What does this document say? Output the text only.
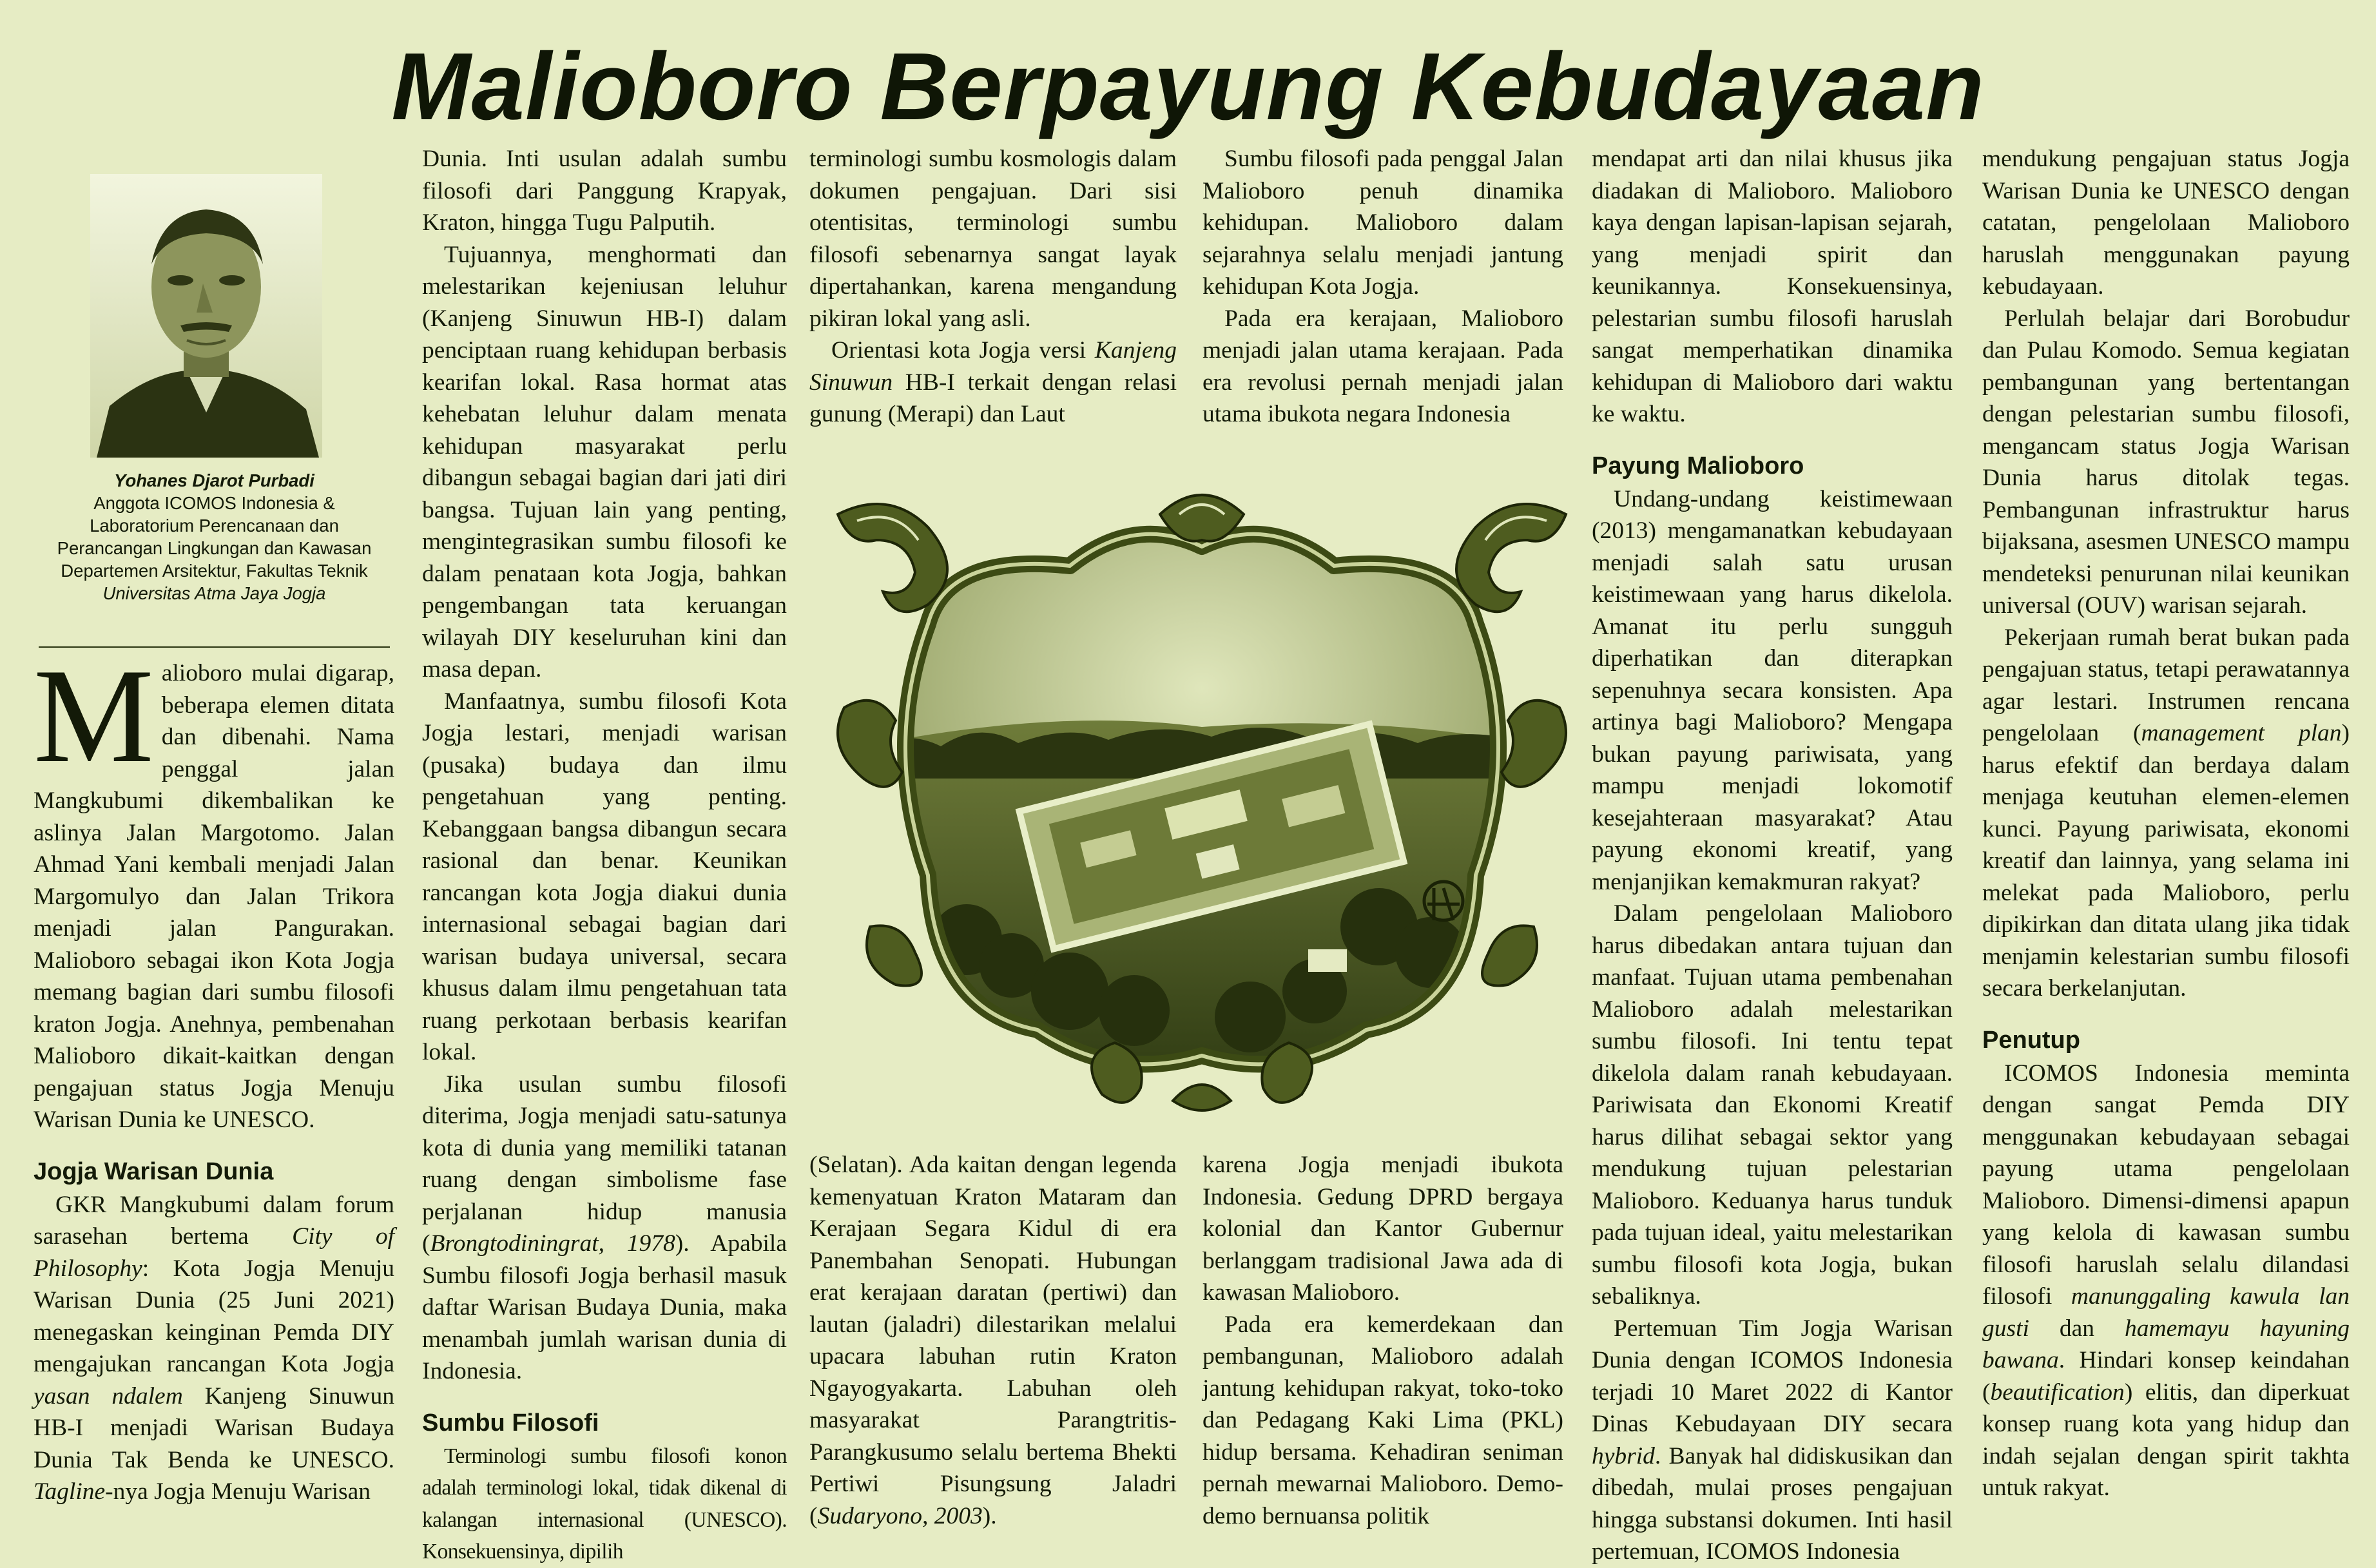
Malioboro Berpayung Kebudayaan
Yohanes Djarot Purbadi
Anggota ICOMOS Indonesia &
Laboratorium Perencanaan dan
Perancangan Lingkungan dan Kawasan
Departemen Arsitektur, Fakultas Teknik
Universitas Atma Jaya Jogja

Malioboro mulai digarap, beberapa elemen ditata dan dibenahi. Nama penggal jalan Mangkubumi dikembalikan ke aslinya Jalan Margotomo. Jalan Ahmad Yani kembali menjadi Jalan Margomulyo dan Jalan Trikora menjadi jalan Pangurakan. Malioboro sebagai ikon Kota Jogja memang bagian dari sumbu filosofi kraton Jogja. Anehnya, pembenahan Malioboro dikait-kaitkan dengan pengajuan status Jogja Menuju Warisan Dunia ke UNESCO.

Jogja Warisan Dunia

GKR Mangkubumi dalam forum sarasehan bertema City of Philosophy: Kota Jogja Menuju Warisan Dunia (25 Juni 2021) menegaskan keinginan Pemda DIY mengajukan rancangan Kota Jogja yasan ndalem Kanjeng Sinuwun HB-I menjadi Warisan Budaya Dunia Tak Benda ke UNESCO. Tagline-nya Jogja Menuju Warisan

Dunia. Inti usulan adalah sumbu filosofi dari Panggung Krapyak, Kraton, hingga Tugu Palputih.

Tujuannya, menghormati dan melestarikan kejeniusan leluhur (Kanjeng Sinuwun HB-I) dalam penciptaan ruang kehidupan berbasis kearifan lokal. Rasa hormat atas kehebatan leluhur dalam menata kehidupan masyarakat perlu dibangun sebagai bagian dari jati diri bangsa. Tujuan lain yang penting, mengintegrasikan sumbu filosofi ke dalam penataan kota Jogja, bahkan pengembangan tata keruangan wilayah DIY keseluruhan kini dan masa depan.

Manfaatnya, sumbu filosofi Kota Jogja lestari, menjadi warisan (pusaka) budaya dan ilmu pengetahuan yang penting. Kebanggaan bangsa dibangun secara rasional dan benar. Keunikan rancangan kota Jogja diakui dunia internasional sebagai bagian dari warisan budaya universal, secara khusus dalam ilmu pengetahuan tata ruang perkotaan berbasis kearifan lokal.

Jika usulan sumbu filosofi diterima, Jogja menjadi satu-satunya kota di dunia yang memiliki tatanan ruang dengan simbolisme fase perjalanan hidup manusia (Brongtodiningrat, 1978). Apabila Sumbu filosofi Jogja berhasil masuk daftar Warisan Budaya Dunia, maka menambah jumlah warisan dunia di Indonesia.

Sumbu Filosofi

Terminologi sumbu filosofi konon adalah terminologi lokal, tidak dikenal di kalangan internasional (UNESCO). Konsekuensinya, dipilih

terminologi sumbu kosmologis dalam dokumen pengajuan. Dari sisi otentisitas, terminologi sumbu filosofi sebenarnya sangat layak dipertahankan, karena mengandung pikiran lokal yang asli.

Orientasi kota Jogja versi Kanjeng Sinuwun HB-I terkait dengan relasi gunung (Merapi) dan Laut

Sumbu filosofi pada penggal Jalan Malioboro penuh dinamika kehidupan. Malioboro dalam sejarahnya selalu menjadi jantung kehidupan Kota Jogja.

Pada era kerajaan, Malioboro menjadi jalan utama kerajaan. Pada era revolusi pernah menjadi jalan utama ibukota negara Indonesia

(Selatan). Ada kaitan dengan legenda kemenyatuan Kraton Mataram dan Kerajaan Segara Kidul di era Panembahan Senopati. Hubungan erat kerajaan daratan (pertiwi) dan lautan (jaladri) dilestarikan melalui upacara labuhan rutin Kraton Ngayogyakarta. Labuhan oleh masyarakat Parangtritis-Parangkusumo selalu bertema Bhekti Pertiwi Pisungsung Jaladri (Sudaryono, 2003).

karena Jogja menjadi ibukota Indonesia. Gedung DPRD bergaya kolonial dan Kantor Gubernur berlanggam tradisional Jawa ada di kawasan Malioboro.

Pada era kemerdekaan dan pembangunan, Malioboro adalah jantung kehidupan rakyat, toko-toko dan Pedagang Kaki Lima (PKL) hidup bersama. Kehadiran seniman pernah mewarnai Malioboro. Demo-demo bernuansa politik

mendapat arti dan nilai khusus jika diadakan di Malioboro. Malioboro kaya dengan lapisan-lapisan sejarah, yang menjadi spirit dan keunikannya. Konsekuensinya, pelestarian sumbu filosofi haruslah sangat memperhatikan dinamika kehidupan di Malioboro dari waktu ke waktu.

Payung Malioboro

Undang-undang keistimewaan (2013) mengamanatkan kebudayaan menjadi salah satu urusan keistimewaan yang harus dikelola. Amanat itu perlu sungguh diperhatikan dan diterapkan sepenuhnya secara konsisten. Apa artinya bagi Malioboro? Mengapa bukan payung pariwisata, yang mampu menjadi lokomotif kesejahteraan masyarakat? Atau payung ekonomi kreatif, yang menjanjikan kemakmuran rakyat?

Dalam pengelolaan Malioboro harus dibedakan antara tujuan dan manfaat. Tujuan utama pembenahan Malioboro adalah melestarikan sumbu filosofi. Ini tentu tepat dikelola dalam ranah kebudayaan. Pariwisata dan Ekonomi Kreatif harus dilihat sebagai sektor yang mendukung tujuan pelestarian Malioboro. Keduanya harus tunduk pada tujuan ideal, yaitu melestarikan sumbu filosofi kota Jogja, bukan sebaliknya.

Pertemuan Tim Jogja Warisan Dunia dengan ICOMOS Indonesia terjadi 10 Maret 2022 di Kantor Dinas Kebudayaan DIY secara hybrid. Banyak hal didiskusikan dan dibedah, mulai proses pengajuan hingga substansi dokumen. Inti hasil pertemuan, ICOMOS Indonesia

mendukung pengajuan status Jogja Warisan Dunia ke UNESCO dengan catatan, pengelolaan Malioboro haruslah menggunakan payung kebudayaan.

Perlulah belajar dari Borobudur dan Pulau Komodo. Semua kegiatan pembangunan yang bertentangan dengan pelestarian sumbu filosofi, mengancam status Jogja Warisan Dunia harus ditolak tegas. Pembangunan infrastruktur harus bijaksana, asesmen UNESCO mampu mendeteksi penurunan nilai keunikan universal (OUV) warisan sejarah.

Pekerjaan rumah berat bukan pada pengajuan status, tetapi perawatannya agar lestari. Instrumen rencana pengelolaan (management plan) harus efektif dan berdaya dalam menjaga keutuhan elemen-elemen kunci. Payung pariwisata, ekonomi kreatif dan lainnya, yang selama ini melekat pada Malioboro, perlu dipikirkan dan ditata ulang jika tidak menjamin kelestarian sumbu filosofi secara berkelanjutan.

Penutup

ICOMOS Indonesia meminta dengan sangat Pemda DIY menggunakan kebudayaan sebagai payung utama pengelolaan Malioboro. Dimensi-dimensi apapun yang kelola di kawasan sumbu filosofi haruslah selalu dilandasi filosofi manunggaling kawula lan gusti dan hamemayu hayuning bawana. Hindari konsep keindahan (beautification) elitis, dan diperkuat konsep ruang kota yang hidup dan indah sejalan dengan spirit takhta untuk rakyat.
